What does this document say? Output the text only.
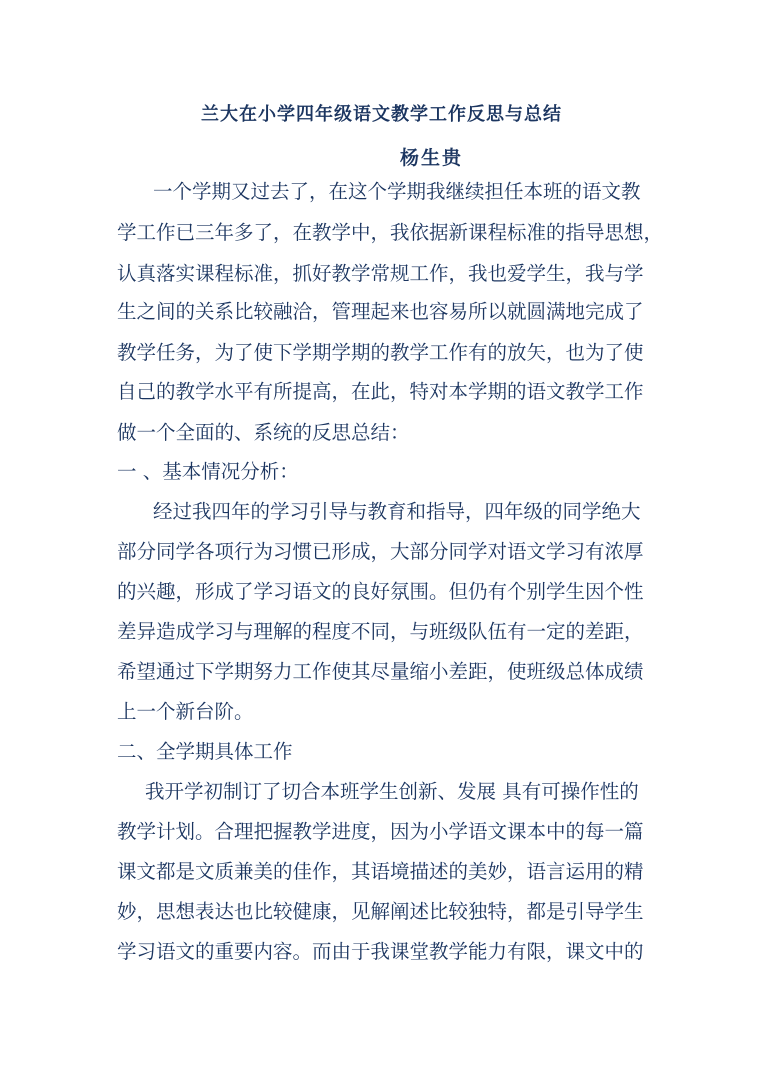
兰大在小学四年级语文教学工作反思与总结
杨生贵
一个学期又过去了，在这个学期我继续担任本班的语文教
学工作已三年多了，在教学中，我依据新课程标准的指导思想，
认真落实课程标准，抓好教学常规工作，我也爱学生，我与学
生之间的关系比较融洽，管理起来也容易所以就圆满地完成了
教学任务，为了使下学期学期的教学工作有的放矢，也为了使
自己的教学水平有所提高，在此，特对本学期的语文教学工作
做一个全面的、系统的反思总结：
一 、基本情况分析：
经过我四年的学习引导与教育和指导，四年级的同学绝大
部分同学各项行为习惯已形成，大部分同学对语文学习有浓厚
的兴趣，形成了学习语文的良好氛围。但仍有个别学生因个性
差异造成学习与理解的程度不同，与班级队伍有一定的差距，
希望通过下学期努力工作使其尽量缩小差距，使班级总体成绩
上一个新台阶。
二、全学期具体工作
我开学初制订了切合本班学生创新、发展 具有可操作性的
教学计划。合理把握教学进度，因为小学语文课本中的每一篇
课文都是文质兼美的佳作，其语境描述的美妙，语言运用的精
妙，思想表达也比较健康，见解阐述比较独特，都是引导学生
学习语文的重要内容。而由于我课堂教学能力有限，课文中的
